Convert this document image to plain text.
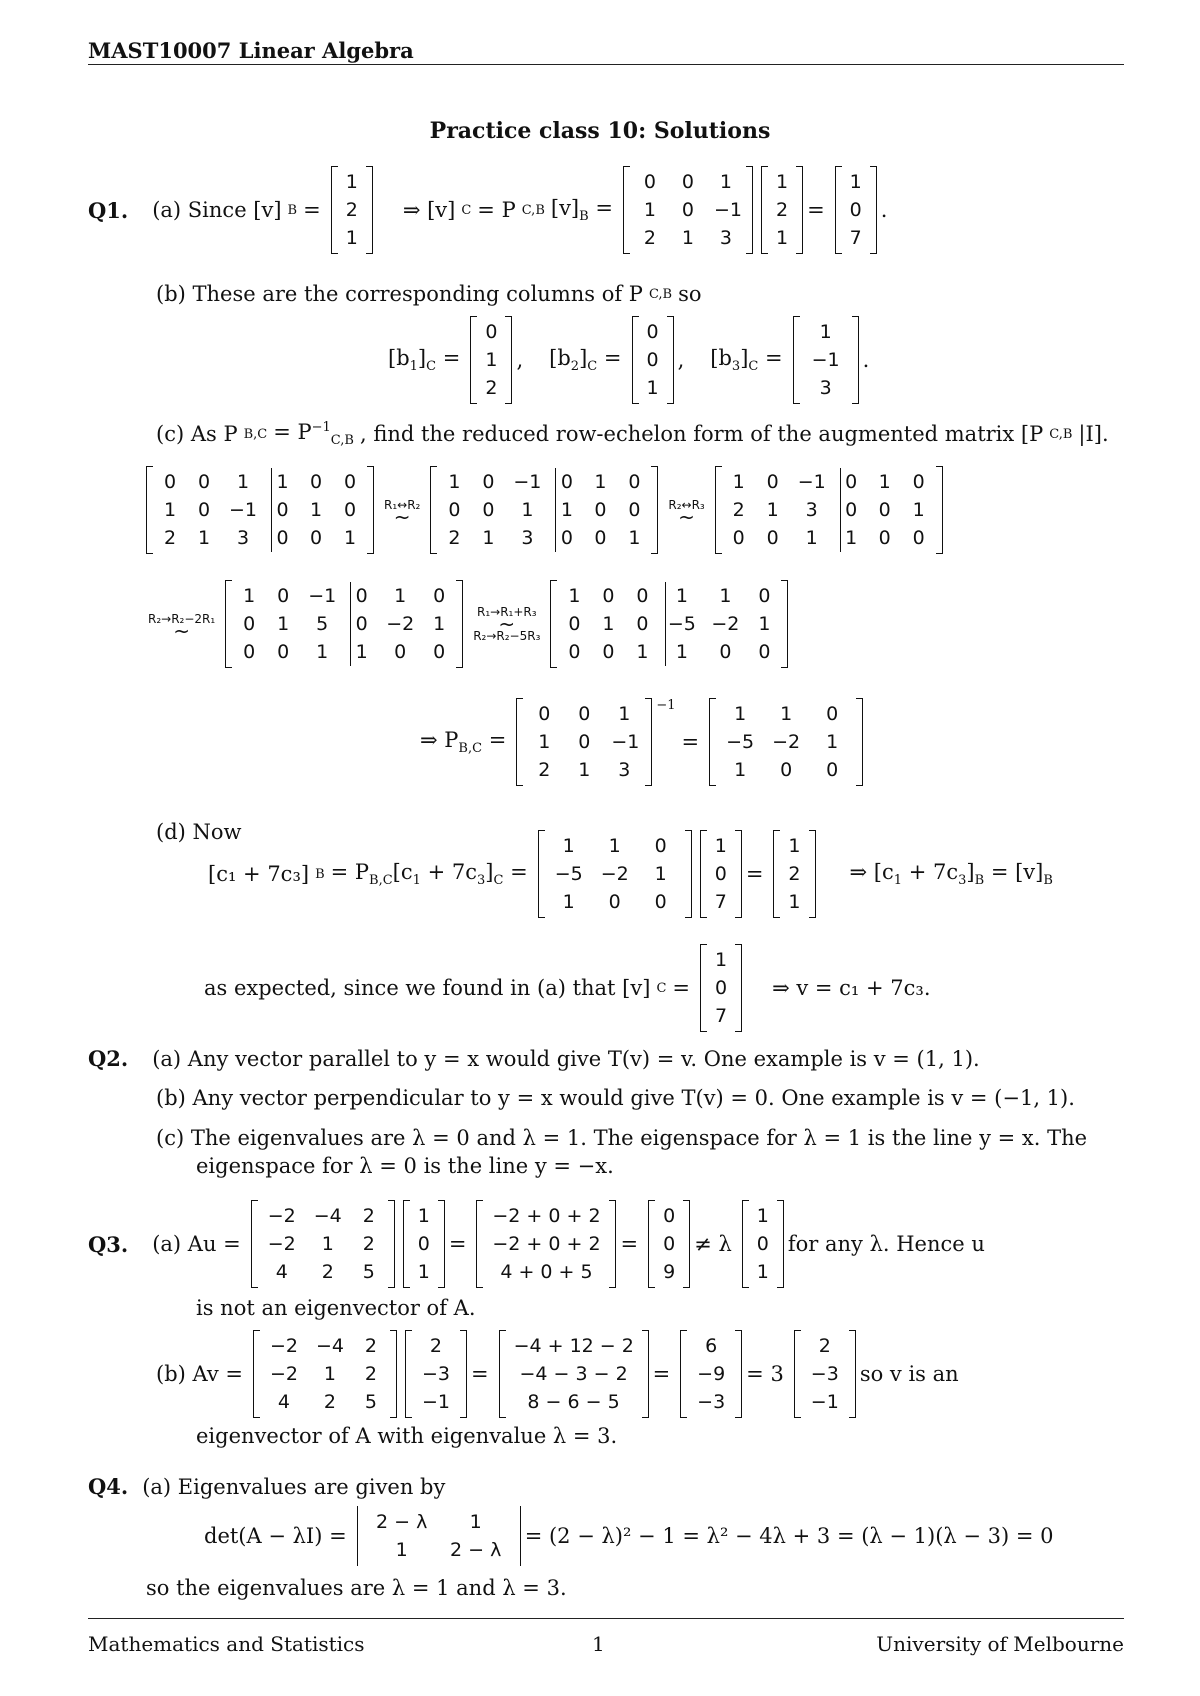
MAST10007 Linear Algebra
Practice class 10: Solutions
Q1. (a) Since [v] B =
1
2
1
⇒ [v] C = P C,B $[v]_B$ =
0	0	1
1	0	−1
2	1	3
1
2
1
=
1
0
7
.
(b) These are the corresponding columns of P C,B so
$[b_1]_C$ =
0
1
2
, $[b_2]_C$ =
0
0
1
, $[b_3]_C$ =
1
−1
3
.
(c) As P $B,C = P^{-1}_{C,B}$ , find the reduced row-echelon form of the augmented matrix [P C,B |I].
0 0	1	1 0 0
1 0 −1 0 1 0
2 1	3	0 0 1
R₁↔R₂
~
1 0 −1 0 1 0
0 0	1	1 0 0
2 1	3	0 0 1
R₂↔R₃
~
1 0 −1 0 1 0
2 1	3	0 0 1
0 0	1	1 0 0
R₂→R₂−2R₁
~
1 0 −1 0	1	0
0 1	5	0 −2 1
0 0	1	1	0	0
R₁→R₁+R₃
~
R₂→R₂−5R₃
1 0 0	1	1	0
0 1 0 −5 −2 1
0 0 1	1	0	0
⇒ $P_{B,C}$ =
0	0	1
1	0	−1
2	1	3
$^{-1}$
=
1	1	0
−5 −2	1
1	0	0
(d) Now
[c₁ + 7c₃] $B = P_{B,C}[c_1 + 7c_3]_C$ =
1	1	0
−5 −2	1
1	0	0
1
0
7
=
1
2
1
⇒ $[c_1 + 7c_3]_B = [v]_B$
as expected, since we found in (a) that [v] C =
1
0
7
⇒ v = c₁ + 7c₃.
Q2. (a) Any vector parallel to y = x would give T(v) = v. One example is v = (1, 1).
(b) Any vector perpendicular to y = x would give T(v) = 0. One example is v = (−1, 1).
(c) The eigenvalues are λ = 0 and λ = 1. The eigenspace for λ = 1 is the line y = x. The
eigenspace for λ = 0 is the line y = −x.
Q3. (a) Au =
−2 −4 2
−2	1	2
4	2	5
1
0
1
=
−2 + 0 + 2
−2 + 0 + 2
4 + 0 + 5
=
0
0
9
≠ λ
1
0
1
for any λ. Hence u
is not an eigenvector of A.
(b) Av =
−2 −4 2
−2	1	2
4	2	5
2
−3
−1
=
−4 + 12 − 2
−4 − 3 − 2
8 − 6 − 5
=
6
−9
−3
= 3
2
−3
−1
so v is an
eigenvector of A with eigenvalue λ = 3.
Q4. (a) Eigenvalues are given by
det(A − λI) =
2 − λ	1
1	2 − λ
= (2 − λ)² − 1 = λ² − 4λ + 3 = (λ − 1)(λ − 3) = 0
so the eigenvalues are λ = 1 and λ = 3.
Mathematics and Statistics	1	University of Melbourne
